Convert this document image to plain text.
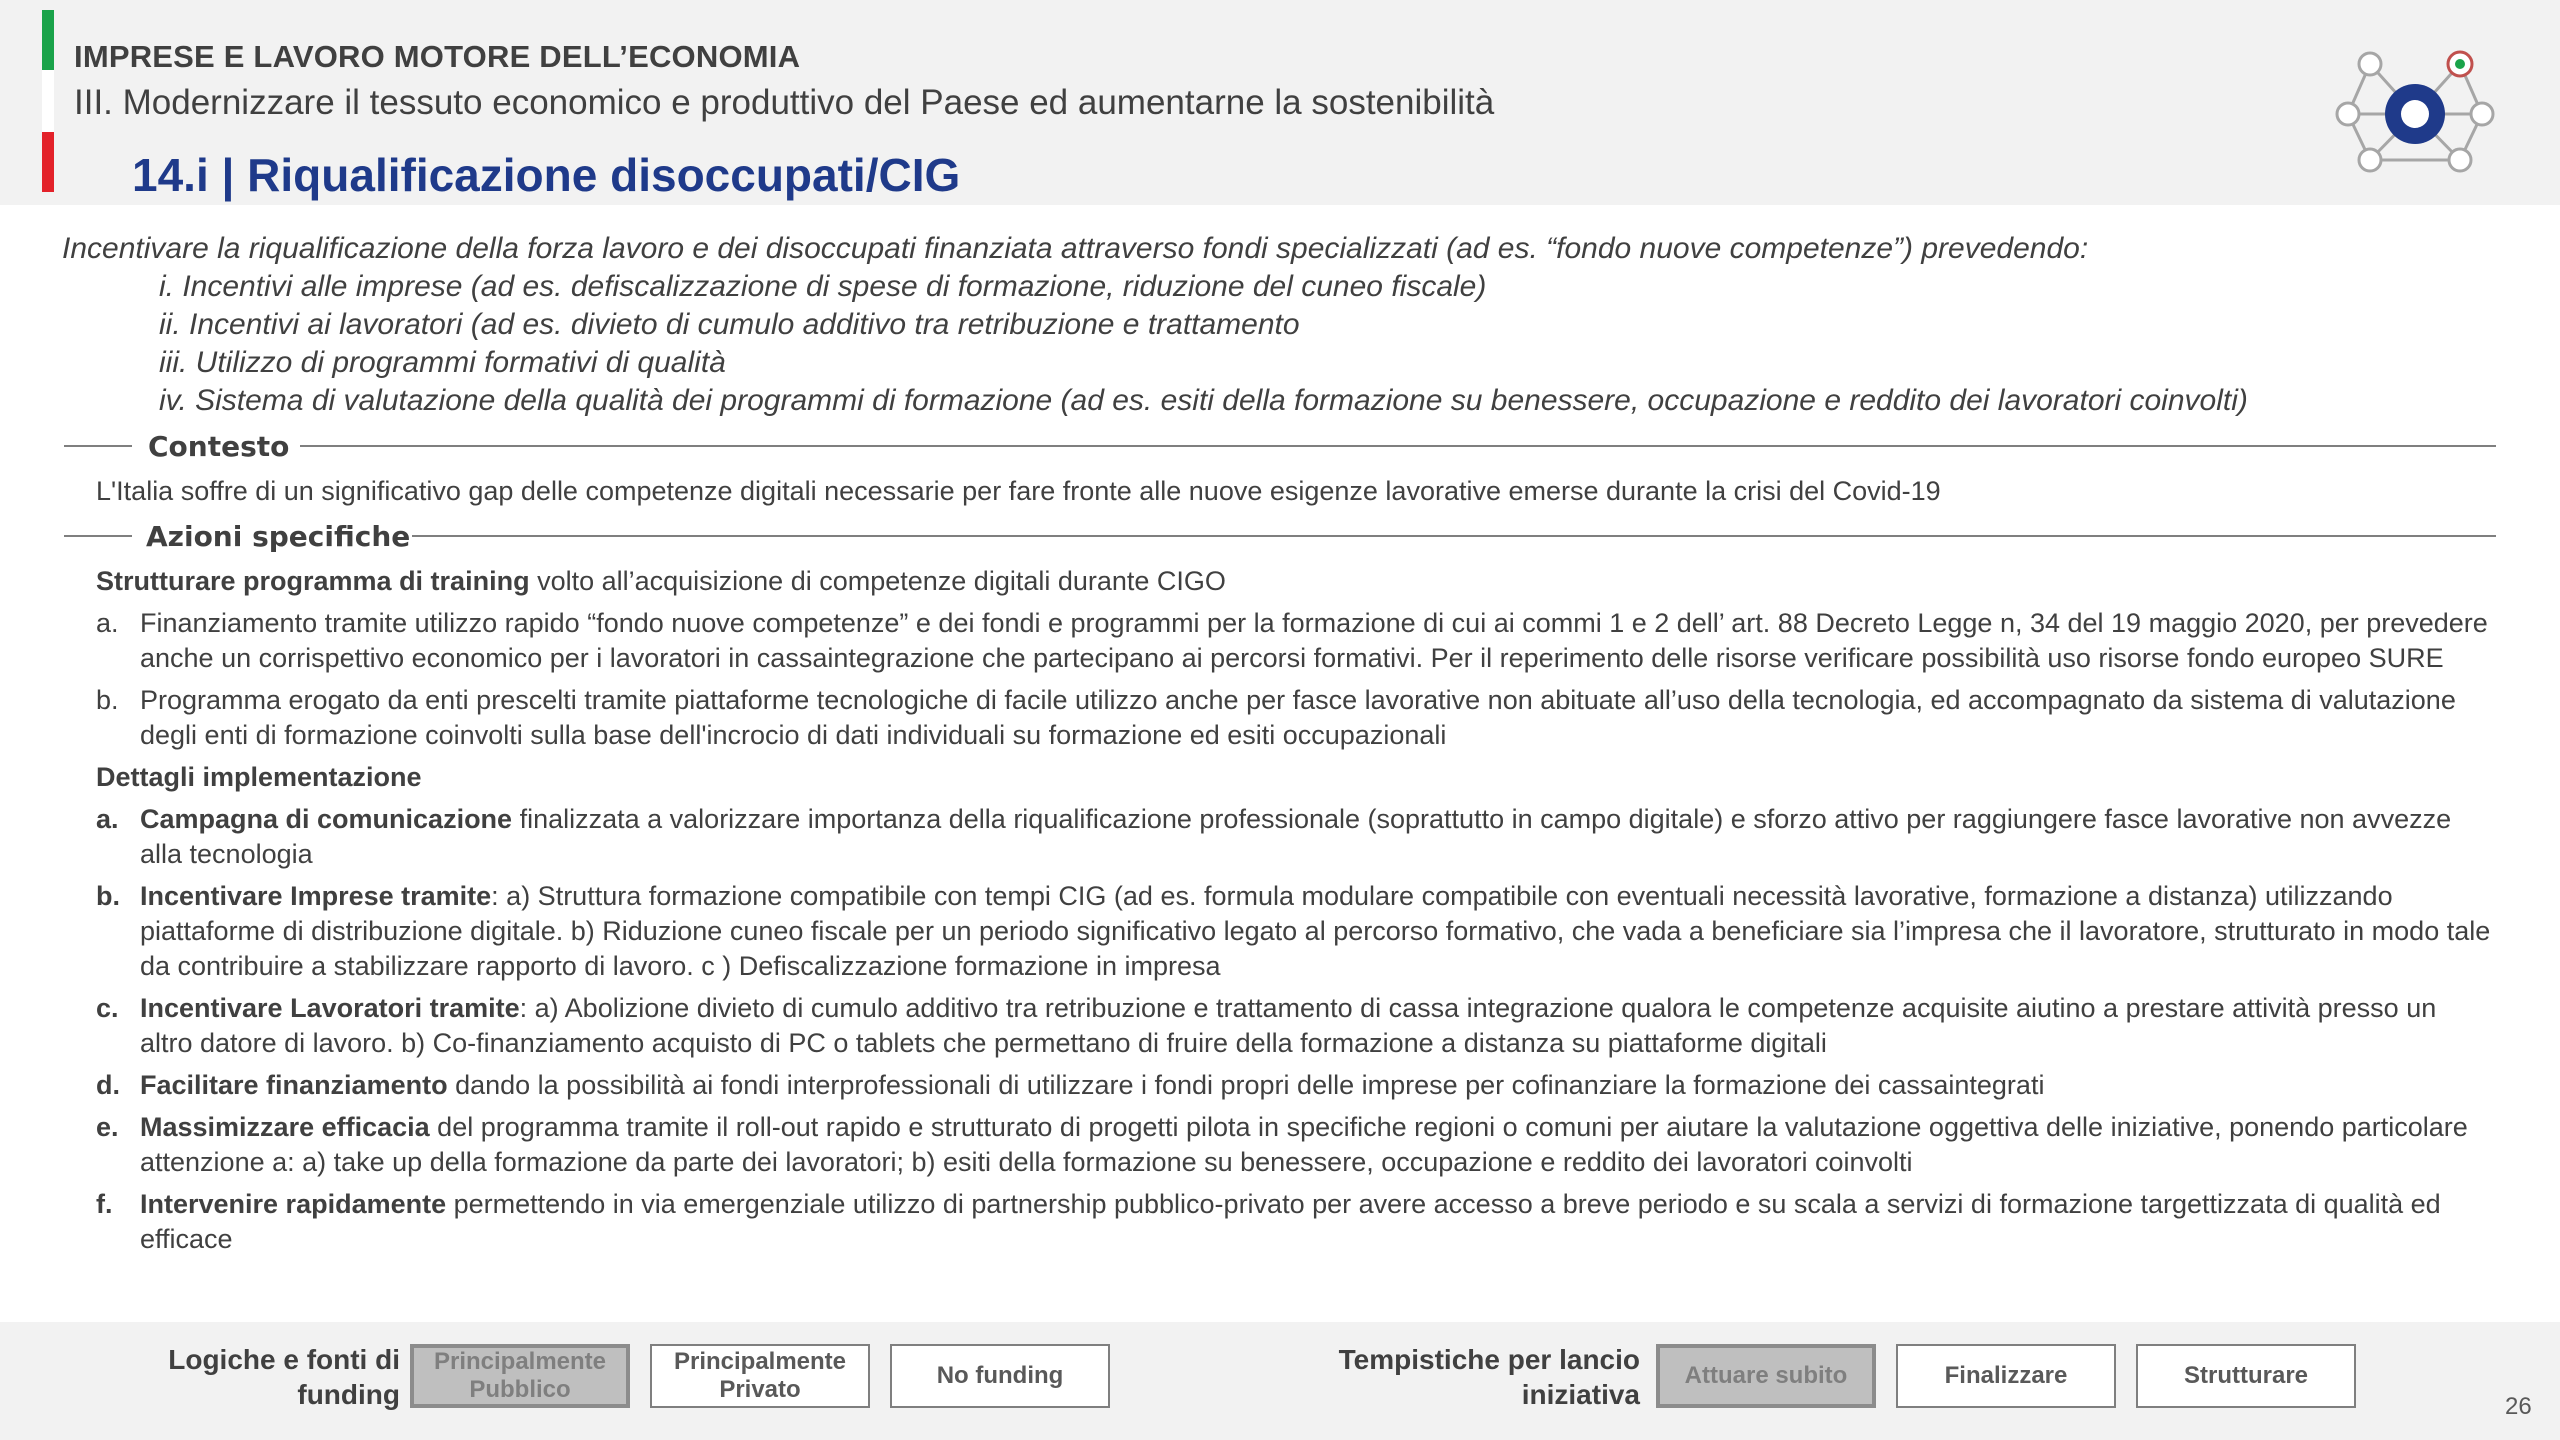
IMPRESE E LAVORO MOTORE DELL’ECONOMIA
III. Modernizzare il tessuto economico e produttivo del Paese ed aumentarne la sostenibilità
14.i | Riqualificazione disoccupati/CIG
Incentivare la riqualificazione della forza lavoro e dei disoccupati finanziata attraverso fondi specializzati (ad es. “fondo nuove competenze”) prevedendo:
i. Incentivi alle imprese (ad es. defiscalizzazione di spese di formazione, riduzione del cuneo fiscale)
ii. Incentivi ai lavoratori (ad es. divieto di cumulo additivo tra retribuzione e trattamento
iii. Utilizzo di programmi formativi di qualità
iv. Sistema di valutazione della qualità dei programmi di formazione (ad es. esiti della formazione su benessere, occupazione e reddito dei lavoratori coinvolti)
Contesto
L'Italia soffre di un significativo gap delle competenze digitali necessarie per fare fronte alle nuove esigenze lavorative emerse durante la crisi del Covid-19
Azioni specifiche
Strutturare programma di training volto all’acquisizione di competenze digitali durante CIGO
a. Finanziamento tramite utilizzo rapido “fondo nuove competenze” e dei fondi e programmi per la formazione di cui ai commi 1 e 2 dell’ art. 88 Decreto Legge n, 34 del 19 maggio 2020, per prevedere anche un corrispettivo economico per i lavoratori in cassaintegrazione che partecipano ai percorsi formativi. Per il reperimento delle risorse verificare possibilità uso risorse fondo europeo SURE
b. Programma erogato da enti prescelti tramite piattaforme tecnologiche di facile utilizzo anche per fasce lavorative non abituate all’uso della tecnologia, ed accompagnato da sistema di valutazione degli enti di formazione coinvolti sulla base dell'incrocio di dati individuali su formazione ed esiti occupazionali
Dettagli implementazione
a. Campagna di comunicazione finalizzata a valorizzare importanza della riqualificazione professionale (soprattutto in campo digitale) e sforzo attivo per raggiungere fasce lavorative non avvezze alla tecnologia
b. Incentivare Imprese tramite: a) Struttura formazione compatibile con tempi CIG (ad es. formula modulare compatibile con eventuali necessità lavorative, formazione a distanza) utilizzando piattaforme di distribuzione digitale. b) Riduzione cuneo fiscale per un periodo significativo legato al percorso formativo, che vada a beneficiare sia l’impresa che il lavoratore, strutturato in modo tale da contribuire a stabilizzare rapporto di lavoro. c ) Defiscalizzazione formazione in impresa
c. Incentivare Lavoratori tramite: a) Abolizione divieto di cumulo additivo tra retribuzione e trattamento di cassa integrazione qualora le competenze acquisite aiutino a prestare attività presso un altro datore di lavoro. b) Co-finanziamento acquisto di PC o tablets che permettano di fruire della formazione a distanza su piattaforme digitali
d. Facilitare finanziamento dando la possibilità ai fondi interprofessionali di utilizzare i fondi propri delle imprese per cofinanziare la formazione dei cassaintegrati
e. Massimizzare efficacia del programma tramite il roll-out rapido e strutturato di progetti pilota in specifiche regioni o comuni per aiutare la valutazione oggettiva delle iniziative, ponendo particolare attenzione a: a) take up della formazione da parte dei lavoratori; b) esiti della formazione su benessere, occupazione e reddito dei lavoratori coinvolti
f.	Intervenire rapidamente permettendo in via emergenziale utilizzo di partnership pubblico-privato per avere accesso a breve periodo e su scala a servizi di formazione targettizzata di qualità ed efficace
Logiche e fonti di
funding
Principalmente
Pubblico
Principalmente
Privato
No funding
Tempistiche per lancio
iniziativa
Attuare subito	Finalizzare	Strutturare
26
